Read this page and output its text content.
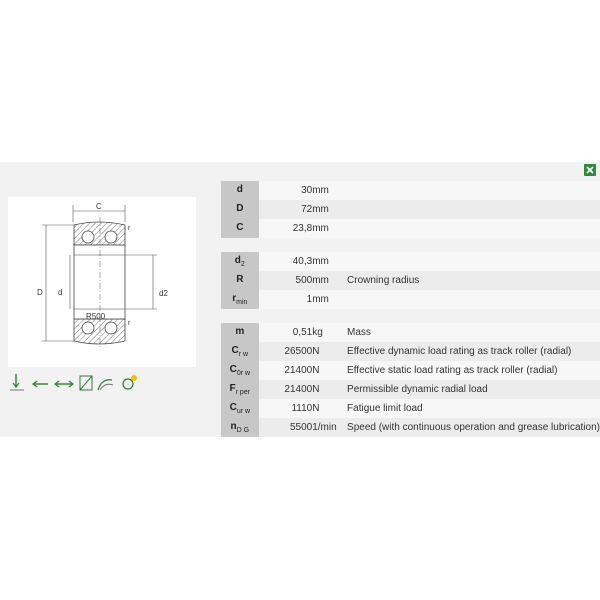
C
D d	d2
R500
r
r
d	30	mm	
D	72	mm	
C	23,8	mm	

$d_2$	40,3	mm	
R	500	mm	Crowning radius
$r_{min}$	1	mm	

m	0,51	kg	Mass
$C_{r w}$	26500	N	Effective dynamic load rating as track roller (radial)
$C_{0r w}$	21400	N	Effective static load rating as track roller (radial)
$F_{r per}$	21400	N	Permissible dynamic radial load
$C_{ur w}$	1110	N	Fatigue limit load
$n_{D G}$	5500	1/min	Speed (with continuous operation and grease lubrication)
